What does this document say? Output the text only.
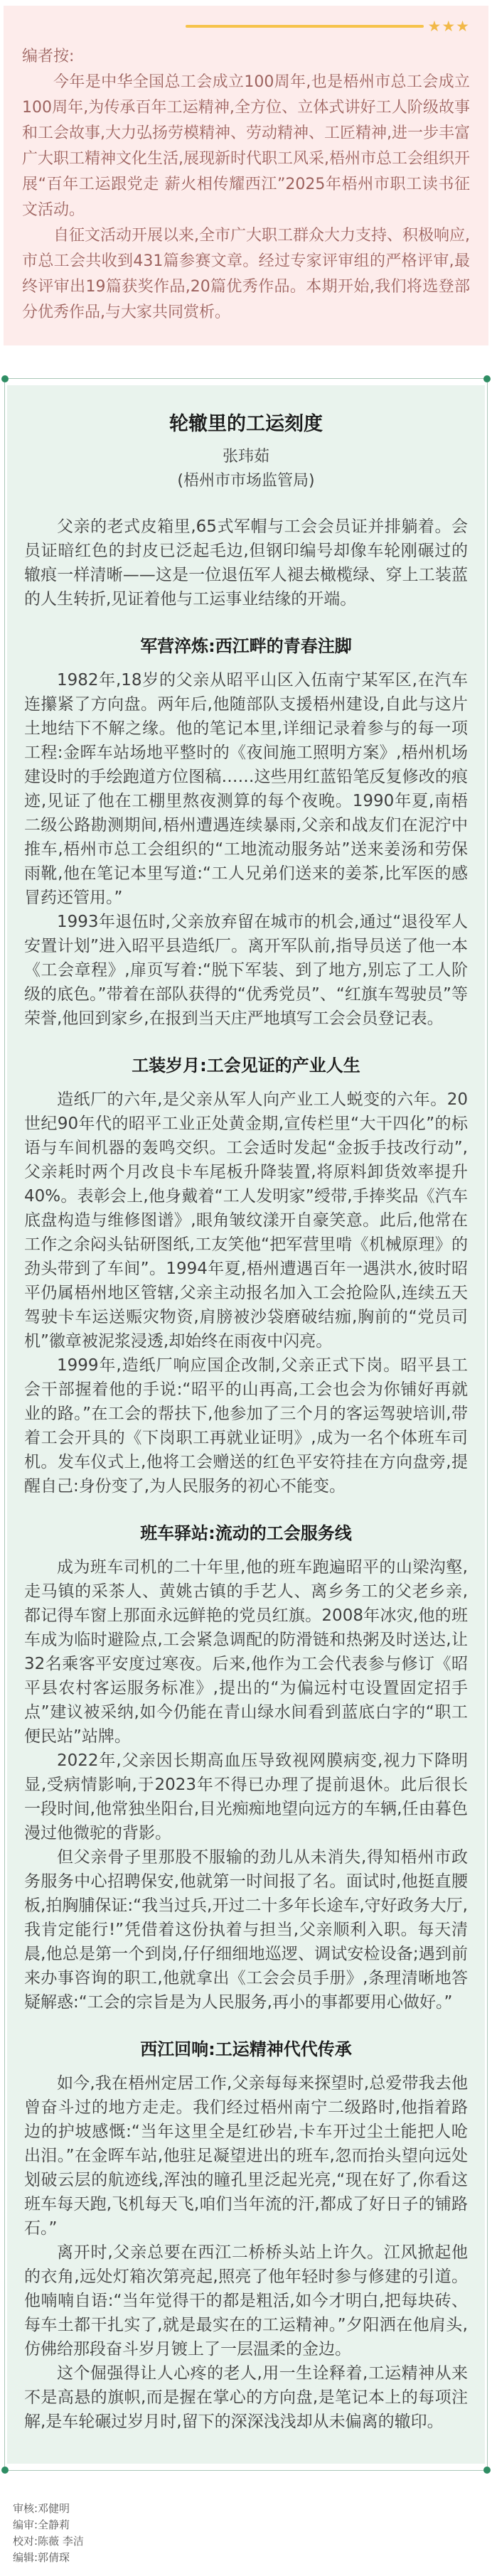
★★★

编者按:

今年是中华全国总工会成立100周年,也是梧州市总工会成立100周年,为传承百年工运精神,全方位、立体式讲好工人阶级故事和工会故事,大力弘扬劳模精神、劳动精神、工匠精神,进一步丰富广大职工精神文化生活,展现新时代职工风采,梧州市总工会组织开展“百年工运跟党走 薪火相传耀西江”2025年梧州市职工读书征文活动。

自征文活动开展以来,全市广大职工群众大力支持、积极响应,市总工会共收到431篇参赛文章。经过专家评审组的严格评审,最终评审出19篇获奖作品,20篇优秀作品。本期开始,我们将选登部分优秀作品,与大家共同赏析。

轮辙里的工运刻度
张玮茹
(梧州市市场监管局)

父亲的老式皮箱里,65式军帽与工会会员证并排躺着。会员证暗红色的封皮已泛起毛边,但钢印编号却像车轮刚碾过的辙痕一样清晰——这是一位退伍军人褪去橄榄绿、穿上工装蓝的人生转折,见证着他与工运事业结缘的开端。

军营淬炼:西江畔的青春注脚

1982年,18岁的父亲从昭平山区入伍南宁某军区,在汽车连攥紧了方向盘。两年后,他随部队支援梧州建设,自此与这片土地结下不解之缘。他的笔记本里,详细记录着参与的每一项工程:金晖车站场地平整时的《夜间施工照明方案》,梧州机场建设时的手绘跑道方位图稿……这些用红蓝铅笔反复修改的痕迹,见证了他在工棚里熬夜测算的每个夜晚。1990年夏,南梧二级公路勘测期间,梧州遭遇连续暴雨,父亲和战友们在泥泞中推车,梧州市总工会组织的“工地流动服务站”送来姜汤和劳保雨靴,他在笔记本里写道:“工人兄弟们送来的姜茶,比军医的感冒药还管用。”

1993年退伍时,父亲放弃留在城市的机会,通过“退役军人安置计划”进入昭平县造纸厂。离开军队前,指导员送了他一本《工会章程》,扉页写着:“脱下军装、到了地方,别忘了工人阶级的底色。”带着在部队获得的“优秀党员”、“红旗车驾驶员”等荣誉,他回到家乡,在报到当天庄严地填写工会会员登记表。

工装岁月:工会见证的产业人生

造纸厂的六年,是父亲从军人向产业工人蜕变的六年。20世纪90年代的昭平工业正处黄金期,宣传栏里“大干四化”的标语与车间机器的轰鸣交织。工会适时发起“金扳手技改行动”,父亲耗时两个月改良卡车尾板升降装置,将原料卸货效率提升40%。表彰会上,他身戴着“工人发明家”绶带,手捧奖品《汽车底盘构造与维修图谱》,眼角皱纹漾开自豪笑意。此后,他常在工作之余闷头钻研图纸,工友笑他“把军营里啃《机械原理》的劲头带到了车间”。1994年夏,梧州遭遇百年一遇洪水,彼时昭平仍属梧州地区管辖,父亲主动报名加入工会抢险队,连续五天驾驶卡车运送赈灾物资,肩膀被沙袋磨破结痂,胸前的“党员司机”徽章被泥浆浸透,却始终在雨夜中闪亮。

1999年,造纸厂响应国企改制,父亲正式下岗。昭平县工会干部握着他的手说:“昭平的山再高,工会也会为你铺好再就业的路。”在工会的帮扶下,他参加了三个月的客运驾驶培训,带着工会开具的《下岗职工再就业证明》,成为一名个体班车司机。发车仪式上,他将工会赠送的红色平安符挂在方向盘旁,提醒自己:身份变了,为人民服务的初心不能变。

班车驿站:流动的工会服务线

成为班车司机的二十年里,他的班车跑遍昭平的山梁沟壑,走马镇的采茶人、黄姚古镇的手艺人、离乡务工的父老乡亲,都记得车窗上那面永远鲜艳的党员红旗。2008年冰灾,他的班车成为临时避险点,工会紧急调配的防滑链和热粥及时送达,让32名乘客平安度过寒夜。后来,他作为工会代表参与修订《昭平县农村客运服务标准》,提出的“为偏远村屯设置固定招手点”建议被采纳,如今仍能在青山绿水间看到蓝底白字的“职工便民站”站牌。

2022年,父亲因长期高血压导致视网膜病变,视力下降明显,受病情影响,于2023年不得已办理了提前退休。此后很长一段时间,他常独坐阳台,目光痴痴地望向远方的车辆,任由暮色漫过他微驼的背影。

但父亲骨子里那股不服输的劲儿从未消失,得知梧州市政务服务中心招聘保安,他就第一时间报了名。面试时,他挺直腰板,拍胸脯保证:“我当过兵,开过二十多年长途车,守好政务大厅,我肯定能行!”凭借着这份执着与担当,父亲顺利入职。每天清晨,他总是第一个到岗,仔仔细细地巡逻、调试安检设备;遇到前来办事咨询的职工,他就拿出《工会会员手册》,条理清晰地答疑解惑:“工会的宗旨是为人民服务,再小的事都要用心做好。”

西江回响:工运精神代代传承

如今,我在梧州定居工作,父亲每每来探望时,总爱带我去他曾奋斗过的地方走走。我们经过梧州南宁二级路时,他指着路边的护坡感慨:“当年这里全是红砂岩,卡车开过尘土能把人呛出泪。”在金晖车站,他驻足凝望进出的班车,忽而抬头望向远处划破云层的航迹线,浑浊的瞳孔里泛起光亮,“现在好了,你看这班车每天跑,飞机每天飞,咱们当年流的汗,都成了好日子的铺路石。”

离开时,父亲总要在西江二桥桥头站上许久。江风掀起他的衣角,远处灯箱次第亮起,照亮了他年轻时参与修建的引道。他喃喃自语:“当年觉得干的都是粗活,如今才明白,把每块砖、每车土都干扎实了,就是最实在的工运精神。”夕阳洒在他肩头,仿佛给那段奋斗岁月镀上了一层温柔的金边。

这个倔强得让人心疼的老人,用一生诠释着,工运精神从来不是高悬的旗帜,而是握在掌心的方向盘,是笔记本上的每项注解,是车轮碾过岁月时,留下的深深浅浅却从未偏离的辙印。

审核:邓健明

编审:全静莉

校对:陈薇 李洁

编辑:郭倩琛
